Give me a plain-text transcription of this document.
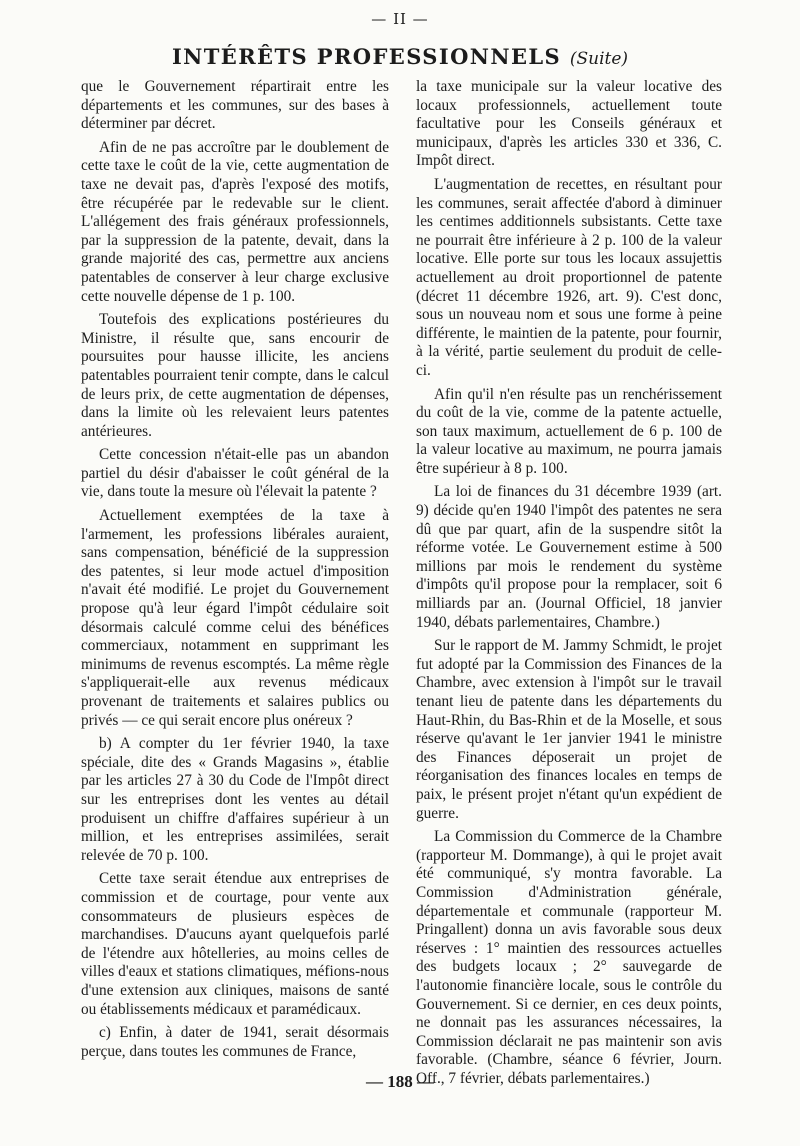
— II —
INTÉRÊTS PROFESSIONNELS (Suite)

que le Gouvernement répartirait entre les départements et les communes, sur des bases à déterminer par décret.

Afin de ne pas accroître par le doublement de cette taxe le coût de la vie, cette augmentation de taxe ne devait pas, d'après l'exposé des motifs, être récupérée par le redevable sur le client. L'allégement des frais généraux professionnels, par la suppression de la patente, devait, dans la grande majorité des cas, permettre aux anciens patentables de conserver à leur charge exclusive cette nouvelle dépense de 1 p. 100.

Toutefois des explications postérieures du Ministre, il résulte que, sans encourir de poursuites pour hausse illicite, les anciens patentables pourraient tenir compte, dans le calcul de leurs prix, de cette augmentation de dépenses, dans la limite où les relevaient leurs patentes antérieures.

Cette concession n'était-elle pas un abandon partiel du désir d'abaisser le coût général de la vie, dans toute la mesure où l'élevait la patente ?

Actuellement exemptées de la taxe à l'armement, les professions libérales auraient, sans compensation, bénéficié de la suppression des patentes, si leur mode actuel d'imposition n'avait été modifié. Le projet du Gouvernement propose qu'à leur égard l'impôt cédulaire soit désormais calculé comme celui des bénéfices commerciaux, notamment en supprimant les minimums de revenus escomptés. La même règle s'appliquerait-elle aux revenus médicaux provenant de traitements et salaires publics ou privés — ce qui serait encore plus onéreux ?

b) A compter du 1er février 1940, la taxe spéciale, dite des « Grands Magasins », établie par les articles 27 à 30 du Code de l'Impôt direct sur les entreprises dont les ventes au détail produisent un chiffre d'affaires supérieur à un million, et les entreprises assimilées, serait relevée de 70 p. 100.

Cette taxe serait étendue aux entreprises de commission et de courtage, pour vente aux consommateurs de plusieurs espèces de marchandises. D'aucuns ayant quelquefois parlé de l'étendre aux hôtelleries, au moins celles de villes d'eaux et stations climatiques, méfions-nous d'une extension aux cliniques, maisons de santé ou établissements médicaux et paramédicaux.

c) Enfin, à dater de 1941, serait désormais perçue, dans toutes les communes de France,

la taxe municipale sur la valeur locative des locaux professionnels, actuellement toute facultative pour les Conseils généraux et municipaux, d'après les articles 330 et 336, C. Impôt direct.

L'augmentation de recettes, en résultant pour les communes, serait affectée d'abord à diminuer les centimes additionnels subsistants. Cette taxe ne pourrait être inférieure à 2 p. 100 de la valeur locative. Elle porte sur tous les locaux assujettis actuellement au droit proportionnel de patente (décret 11 décembre 1926, art. 9). C'est donc, sous un nouveau nom et sous une forme à peine différente, le maintien de la patente, pour fournir, à la vérité, partie seulement du produit de celle-ci.

Afin qu'il n'en résulte pas un renchérissement du coût de la vie, comme de la patente actuelle, son taux maximum, actuellement de 6 p. 100 de la valeur locative au maximum, ne pourra jamais être supérieur à 8 p. 100.

La loi de finances du 31 décembre 1939 (art. 9) décide qu'en 1940 l'impôt des patentes ne sera dû que par quart, afin de la suspendre sitôt la réforme votée. Le Gouvernement estime à 500 millions par mois le rendement du système d'impôts qu'il propose pour la remplacer, soit 6 milliards par an. (Journal Officiel, 18 janvier 1940, débats parlementaires, Chambre.)

Sur le rapport de M. Jammy Schmidt, le projet fut adopté par la Commission des Finances de la Chambre, avec extension à l'impôt sur le travail tenant lieu de patente dans les départements du Haut-Rhin, du Bas-Rhin et de la Moselle, et sous réserve qu'avant le 1er janvier 1941 le ministre des Finances déposerait un projet de réorganisation des finances locales en temps de paix, le présent projet n'étant qu'un expédient de guerre.

La Commission du Commerce de la Chambre (rapporteur M. Dommange), à qui le projet avait été communiqué, s'y montra favorable. La Commission d'Administration générale, départementale et communale (rapporteur M. Pringallent) donna un avis favorable sous deux réserves : 1° maintien des ressources actuelles des budgets locaux ; 2° sauvegarde de l'autonomie financière locale, sous le contrôle du Gouvernement. Si ce dernier, en ces deux points, ne donnait pas les assurances nécessaires, la Commission déclarait ne pas maintenir son avis favorable. (Chambre, séance 6 février, Journ. Off., 7 février, débats parlementaires.)

— 188 —
